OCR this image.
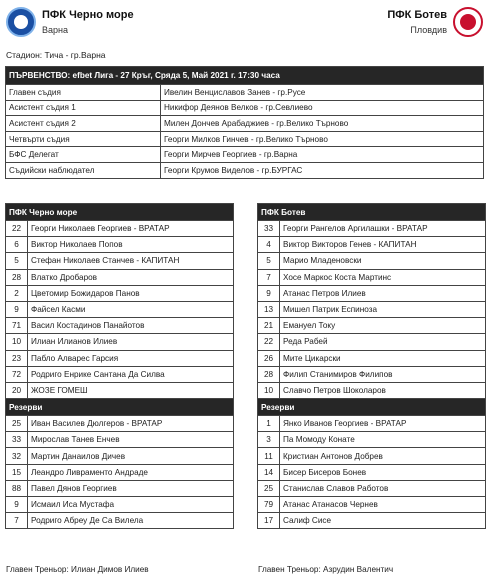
ПФК Черно море
Варна
ПФК Ботев
Пловдив
Стадион: Тича - гр.Варна
ПЪРВЕНСТВО: efbet Лига - 27 Кръг, Сряда 5, Май 2021 г. 17:30 часа	
Главен съдия	Ивелин Венциславов Занев - гр.Русе
Асистент съдия 1	Никифор Деянов Велков - гр.Севлиево
Асистент съдия 2	Милен Дончев Арабаджиев - гр.Велико Търново
Четвърти съдия	Георги Милков Гинчев - гр.Велико Търново
БФС Делегат	Георги Мирчев Георгиев - гр.Варна
Съдийски наблюдател	Георги Крумов Виделов - гр.БУРГАС
ПФК Черно море	
22	Георги Николаев Георгиев - ВРАТАР
6	Виктор Николаев Попов
5	Стефан Николаев Станчев - КАПИТАН
28	Влатко Дробаров
2	Цветомир Божидаров Панов
9	Файсел Касми
71	Васил Костадинов Панайотов
10	Илиан Илианов Илиев
23	Пабло Алварес Гарсия
72	Родриго Енрике Сантана Да Силва
20	ЖОЗЕ ГОМЕШ
Резерви	
25	Иван Василев Дюлгеров - ВРАТАР
33	Мирослав Танев Енчев
32	Мартин Данаилов Дичев
15	Леандро Ливраменто Андраде
88	Павел Дянов Георгиев
9	Исмаил Иса Мустафа
7	Родриго Абреу Де Са Вилела
ПФК Ботев	
33	Георги Рангелов Аргилашки - ВРАТАР
4	Виктор Викторов Генев - КАПИТАН
5	Марио Младеновски
7	Хосе Маркос Коста Мартинс
9	Атанас Петров Илиев
13	Мишел Патрик Еспиноза
21	Емануел Току
22	Реда Рабей
26	Мите Цикарски
28	Филип Станимиров Филипов
10	Славчо Петров Шоколаров
Резерви	
1	Янко Иванов Георгиев - ВРАТАР
3	Па Момоду Конате
11	Кристиан Антонов Добрев
14	Бисер Бисеров Бонев
25	Станислав Славов Работов
79	Атанас Атанасов Чернев
17	Салиф Сисе
Главен Треньор: Илиан Димов Илиев	Главен Треньор: Азрудин Валентич
